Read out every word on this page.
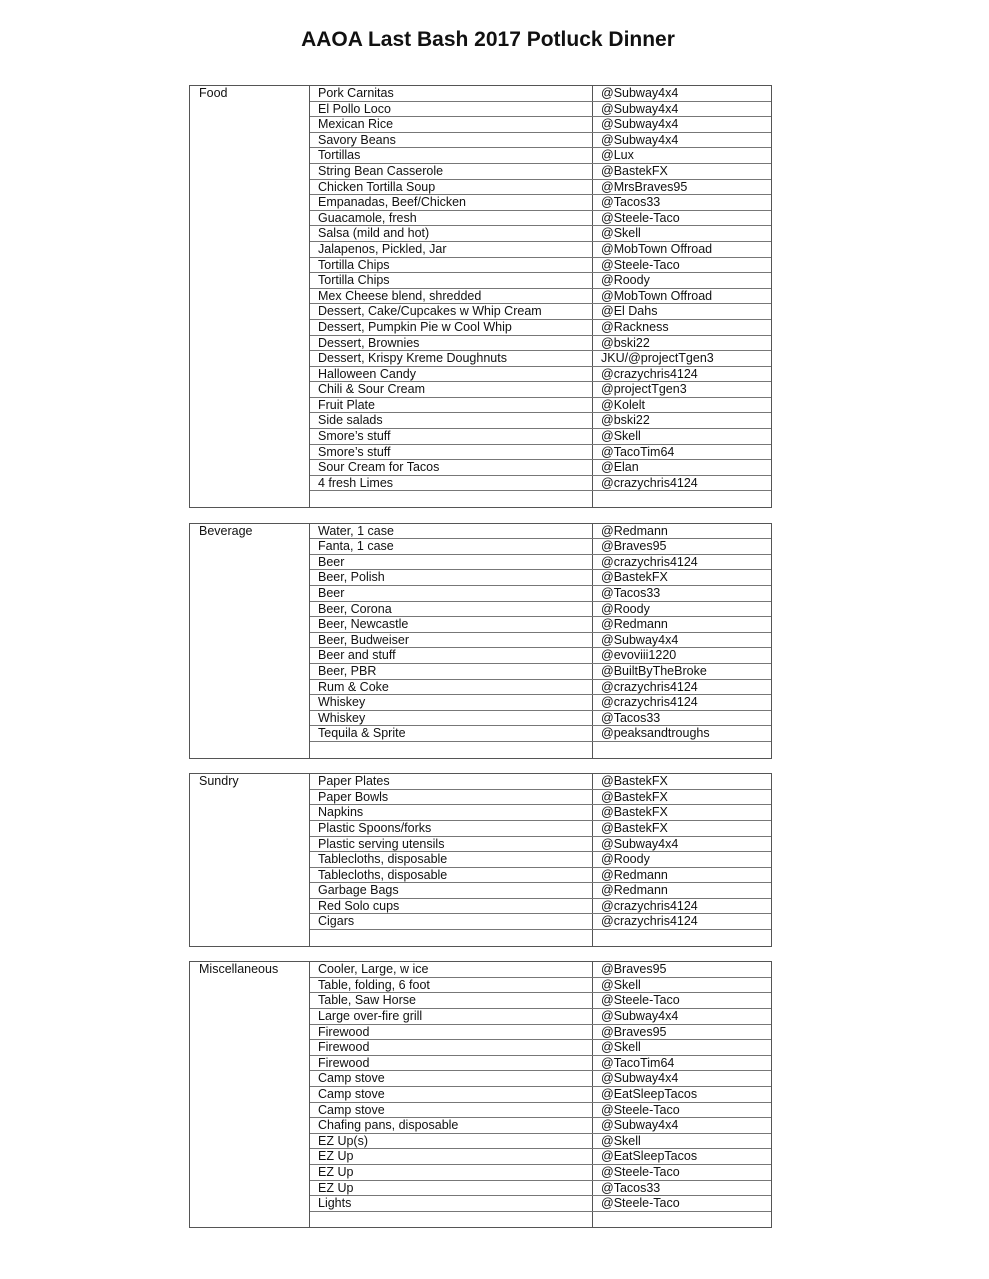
AAOA Last Bash 2017 Potluck Dinner
Food	Pork Carnitas	@Subway4x4
El Pollo Loco	@Subway4x4
Mexican Rice	@Subway4x4
Savory Beans	@Subway4x4
Tortillas	@Lux
String Bean Casserole	@BastekFX
Chicken Tortilla Soup	@MrsBraves95
Empanadas, Beef/Chicken	@Tacos33
Guacamole, fresh	@Steele-Taco
Salsa (mild and hot)	@Skell
Jalapenos, Pickled, Jar	@MobTown Offroad
Tortilla Chips	@Steele-Taco
Tortilla Chips	@Roody
Mex Cheese blend, shredded	@MobTown Offroad
Dessert, Cake/Cupcakes w Whip Cream	@El Dahs
Dessert, Pumpkin Pie w Cool Whip	@Rackness
Dessert, Brownies	@bski22
Dessert, Krispy Kreme Doughnuts	JKU/@projectTgen3
Halloween Candy	@crazychris4124
Chili & Sour Cream	@projectTgen3
Fruit Plate	@Kolelt
Side salads	@bski22
Smore’s stuff	@Skell
Smore’s stuff	@TacoTim64
Sour Cream for Tacos	@Elan
4 fresh Limes	@crazychris4124
Beverage	Water, 1 case	@Redmann
Fanta, 1 case	@Braves95
Beer	@crazychris4124
Beer, Polish	@BastekFX
Beer	@Tacos33
Beer, Corona	@Roody
Beer, Newcastle	@Redmann
Beer, Budweiser	@Subway4x4
Beer and stuff	@evoviii1220
Beer, PBR	@BuiltByTheBroke
Rum & Coke	@crazychris4124
Whiskey	@crazychris4124
Whiskey	@Tacos33
Tequila & Sprite	@peaksandtroughs
Sundry	Paper Plates	@BastekFX
Paper Bowls	@BastekFX
Napkins	@BastekFX
Plastic Spoons/forks	@BastekFX
Plastic serving utensils	@Subway4x4
Tablecloths, disposable	@Roody
Tablecloths, disposable	@Redmann
Garbage Bags	@Redmann
Red Solo cups	@crazychris4124
Cigars	@crazychris4124
Miscellaneous	Cooler, Large, w ice	@Braves95
Table, folding, 6 foot	@Skell
Table, Saw Horse	@Steele-Taco
Large over-fire grill	@Subway4x4
Firewood	@Braves95
Firewood	@Skell
Firewood	@TacoTim64
Camp stove	@Subway4x4
Camp stove	@EatSleepTacos
Camp stove	@Steele-Taco
Chafing pans, disposable	@Subway4x4
EZ Up(s)	@Skell
EZ Up	@EatSleepTacos
EZ Up	@Steele-Taco
EZ Up	@Tacos33
Lights	@Steele-Taco
